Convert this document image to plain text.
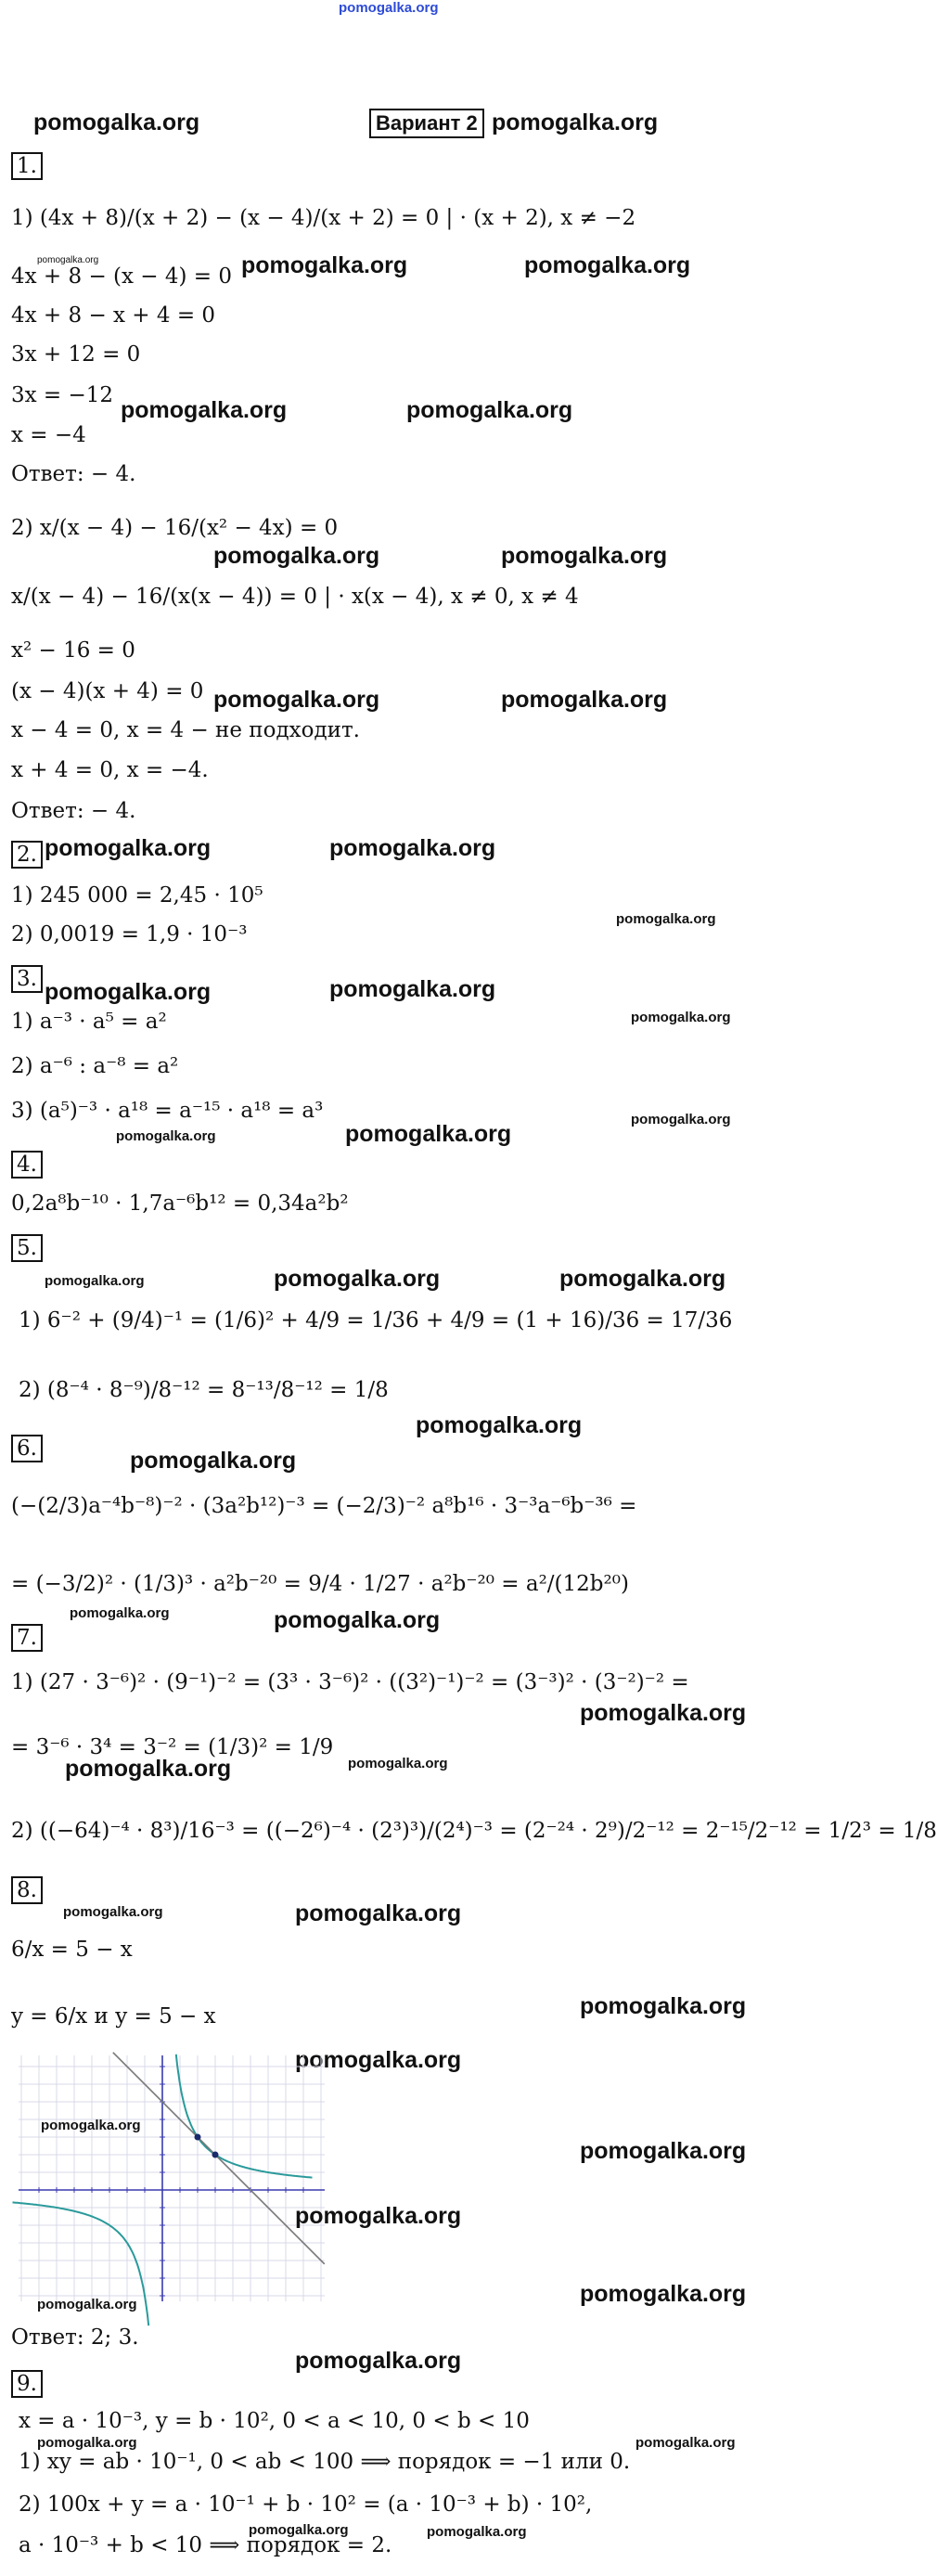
pomogalka.org
pomogalka.org	Вариант 2 pomogalka.org
1.
1) (4x + 8)/(x + 2) − (x − 4)/(x + 2) = 0 | · (x + 2), x ≠ −2
pomogalka.org
4x + 8 − (x − 4) = 0 pomogalka.org	pomogalka.org
4x + 8 − x + 4 = 0
3x + 12 = 0
3x = −12
pomogalka.org	pomogalka.org
x = −4
Ответ: − 4.
2) x/(x − 4) − 16/(x² − 4x) = 0
pomogalka.org	pomogalka.org
x/(x − 4) − 16/(x(x − 4)) = 0 | · x(x − 4), x ≠ 0, x ≠ 4
x² − 16 = 0
(x − 4)(x + 4) = 0 pomogalka.org	pomogalka.org
x − 4 = 0, x = 4 − не подходит.
x + 4 = 0, x = −4.
Ответ: − 4.
2. pomogalka.org	pomogalka.org
1) 245 000 = 2,45 · 10⁵
pomogalka.org
2) 0,0019 = 1,9 · 10⁻³
3. pomogalka.org	pomogalka.org
1) a⁻³ · a⁵ = a²	pomogalka.org
2) a⁻⁶ : a⁻⁸ = a²
3) (a⁵)⁻³ · a¹⁸ = a⁻¹⁵ · a¹⁸ = a³	pomogalka.org
pomogalka.org	pomogalka.org
4.
0,2a⁸b⁻¹⁰ · 1,7a⁻⁶b¹² = 0,34a²b²
5.
pomogalka.org	pomogalka.org	pomogalka.org
1) 6⁻² + (9/4)⁻¹ = (1/6)² + 4/9 = 1/36 + 4/9 = (1 + 16)/36 = 17/36
2) (8⁻⁴ · 8⁻⁹)/8⁻¹² = 8⁻¹³/8⁻¹² = 1/8
pomogalka.org
6.	pomogalka.org
(−(2/3)a⁻⁴b⁻⁸)⁻² · (3a²b¹²)⁻³ = (−2/3)⁻² a⁸b¹⁶ · 3⁻³a⁻⁶b⁻³⁶ =
= (−3/2)² · (1/3)³ · a²b⁻²⁰ = 9/4 · 1/27 · a²b⁻²⁰ = a²/(12b²⁰)
pomogalka.org	pomogalka.org
7.
1) (27 · 3⁻⁶)² · (9⁻¹)⁻² = (3³ · 3⁻⁶)² · ((3²)⁻¹)⁻² = (3⁻³)² · (3⁻²)⁻² =
pomogalka.org
= 3⁻⁶ · 3⁴ = 3⁻² = (1/3)² = 1/9
pomogalka.org
pomogalka.org
2) ((−64)⁻⁴ · 8³)/16⁻³ = ((−2⁶)⁻⁴ · (2³)³)/(2⁴)⁻³ = (2⁻²⁴ · 2⁹)/2⁻¹² = 2⁻¹⁵/2⁻¹² = 1/2³ = 1/8
8.
pomogalka.org	pomogalka.org
6/x = 5 − x
y = 6/x и y = 5 − x	pomogalka.org
pomogalka.org
pomogalka.org
pomogalka.org
pomogalka.org
pomogalka.org
pomogalka.org
Ответ: 2; 3.
pomogalka.org
9.
x = a · 10⁻³, y = b · 10², 0 < a < 10, 0 < b < 10
pomogalka.org	pomogalka.org
1) xy = ab · 10⁻¹, 0 < ab < 100 ⟹ порядок = −1 или 0.
2) 100x + y = a · 10⁻¹ + b · 10² = (a · 10⁻³ + b) · 10²,
pomogalka.org	pomogalka.org
a · 10⁻³ + b < 10 ⟹ порядок = 2.
